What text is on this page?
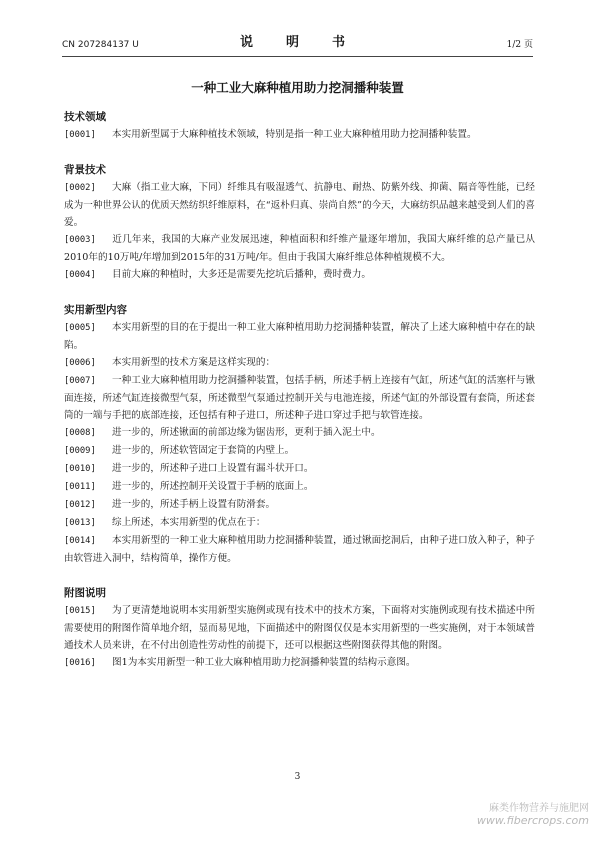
CN 207284137 U	说　明　书	1/2 页
一种工业大麻种植用助力挖洞播种装置
技术领域

[0001] 本实用新型属于大麻种植技术领域，特别是指一种工业大麻种植用助力挖洞播种装置。

背景技术

[0002] 大麻（指工业大麻，下同）纤维具有吸湿透气、抗静电、耐热、防紫外线、抑菌、隔音等性能，已经成为一种世界公认的优质天然纺织纤维原料，在“返朴归真、崇尚自然”的今天，大麻纺织品越来越受到人们的喜爱。

[0003] 近几年来，我国的大麻产业发展迅速，种植面积和纤维产量逐年增加，我国大麻纤维的总产量已从2010年的10万吨/年增加到2015年的31万吨/年。但由于我国大麻纤维总体种植规模不大。

[0004] 目前大麻的种植时，大多还是需要先挖坑后播种，费时费力。

实用新型内容

[0005] 本实用新型的目的在于提出一种工业大麻种植用助力挖洞播种装置，解决了上述大麻种植中存在的缺陷。

[0006] 本实用新型的技术方案是这样实现的：

[0007] 一种工业大麻种植用助力挖洞播种装置，包括手柄，所述手柄上连接有气缸，所述气缸的活塞杆与锹面连接，所述气缸连接微型气泵，所述微型气泵通过控制开关与电池连接，所述气缸的外部设置有套筒，所述套筒的一端与手把的底部连接，还包括有种子进口，所述种子进口穿过手把与软管连接。

[0008] 进一步的，所述锹面的前部边缘为锯齿形，更利于插入泥土中。

[0009] 进一步的，所述软管固定于套筒的内壁上。

[0010] 进一步的，所述种子进口上设置有漏斗状开口。

[0011] 进一步的，所述控制开关设置于手柄的底面上。

[0012] 进一步的，所述手柄上设置有防滑套。

[0013] 综上所述，本实用新型的优点在于：

[0014] 本实用新型的一种工业大麻种植用助力挖洞播种装置，通过锹面挖洞后，由种子进口放入种子，种子由软管进入洞中，结构简单，操作方便。

附图说明

[0015] 为了更清楚地说明本实用新型实施例或现有技术中的技术方案，下面将对实施例或现有技术描述中所需要使用的附图作简单地介绍，显而易见地，下面描述中的附图仅仅是本实用新型的一些实施例，对于本领域普通技术人员来讲，在不付出创造性劳动性的前提下，还可以根据这些附图获得其他的附图。

[0016] 图1为本实用新型一种工业大麻种植用助力挖洞播种装置的结构示意图。

3
麻类作物营养与施肥网
www.fibercrops.com
